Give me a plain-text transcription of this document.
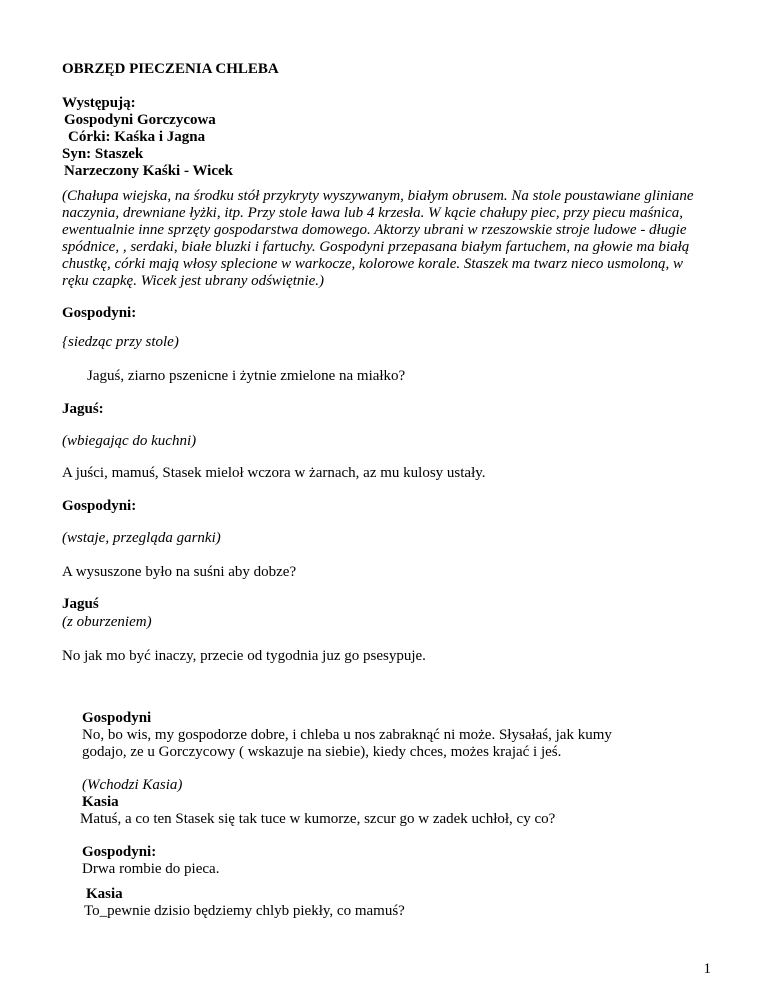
OBRZĘD PIECZENIA CHLEBA
Występują:
Gospodyni Gorczycowa
Córki: Kaśka i Jagna
Syn: Staszek
Narzeczony Kaśki - Wicek
(Chałupa wiejska, na środku stół przykryty wyszywanym, białym obrusem. Na stole poustawiane gliniane
naczynia, drewniane łyżki, itp. Przy stole ława lub 4 krzesła. W kącie chałupy piec, przy piecu maśnica,
ewentualnie inne sprzęty gospodarstwa domowego. Aktorzy ubrani w rzeszowskie stroje ludowe - długie
spódnice, , serdaki, białe bluzki i fartuchy. Gospodyni przepasana białym fartuchem, na głowie ma białą
chustkę, córki mają włosy splecione w warkocze, kolorowe korale. Staszek ma twarz nieco usmoloną, w
ręku czapkę. Wicek jest ubrany odświętnie.)
Gospodyni:
{siedząc przy stole)
Jaguś, ziarno pszenicne i żytnie zmielone na miałko?
Jaguś:
(wbiegając do kuchni)
A juści, mamuś, Stasek mieloł wczora w żarnach, az mu kulosy ustały.
Gospodyni:
(wstaje, przegląda garnki)
A wysuszone było na suśni aby dobze?
Jaguś
(z oburzeniem)
No jak mo być inaczy, przecie od tygodnia juz go psesypuje.
Gospodyni
No, bo wis, my gospodorze dobre, i chleba u nos zabraknąć ni może. Słysałaś, jak kumy
godajo, ze u Gorczycowy ( wskazuje na siebie), kiedy chces, możes krajać i jeś.
(Wchodzi Kasia)
Kasia
Matuś, a co ten Stasek się tak tuce w kumorze, szcur go w zadek uchłoł, cy co?
Gospodyni:
Drwa rombie do pieca.
Kasia
To_pewnie dzisio będziemy chlyb piekły, co mamuś?
1
